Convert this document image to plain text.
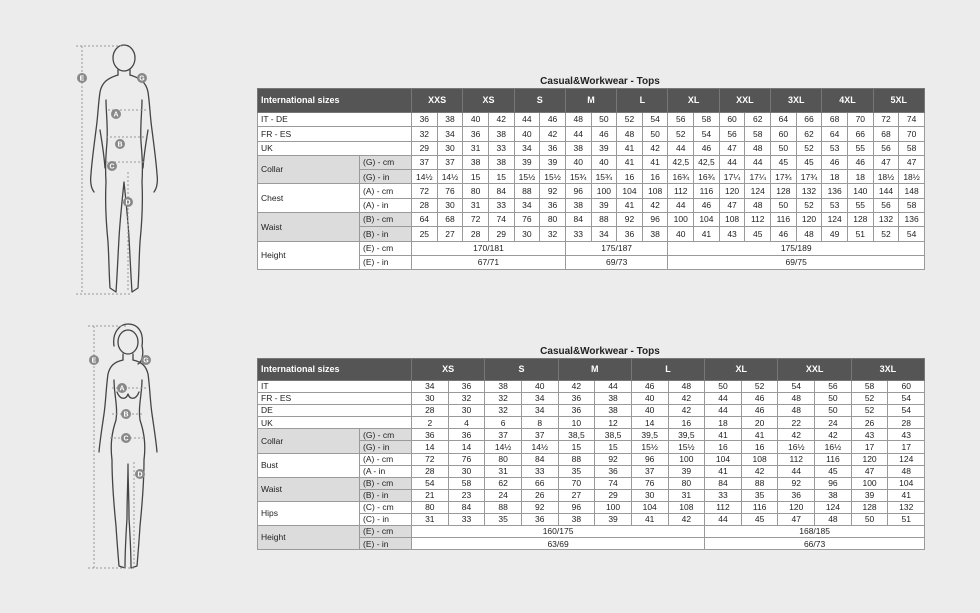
A
B
C
D
E	G
A
B
C
D
E	G
Casual&Workwear - Tops
Casual&Workwear - Tops
International sizes		XXS		XS		S		M		L		XL		XXL		3XL		4XL		5XL	
IT - DE		36	38	40	42	44	46	48	50	52	54	56	58	60	62	64	66	68	70	72	74
FR - ES		32	34	36	38	40	42	44	46	48	50	52	54	56	58	60	62	64	66	68	70
UK		29	30	31	33	34	36	38	39	41	42	44	46	47	48	50	52	53	55	56	58
Collar	(G) - cm	37	37	38	38	39	39	40	40	41	41	42,5	42,5	44	44	45	45	46	46	47	47
	(G) - in	14½	14½	15	15	15½	15½	15¾	15¾	16	16	16¾	16¾	17¼	17¼	17¾	17¾	18	18	18½	18½
Chest	(A) - cm	72	76	80	84	88	92	96	100	104	108	112	116	120	124	128	132	136	140	144	148
	(A) - in	28	30	31	33	34	36	38	39	41	42	44	46	47	48	50	52	53	55	56	58
Waist	(B) - cm	64	68	72	74	76	80	84	88	92	96	100	104	108	112	116	120	124	128	132	136
	(B) - in	25	27	28	29	30	32	33	34	36	38	40	41	43	45	46	48	49	51	52	54
Height	(E) - cm	170/181						175/187				175/189									
	(E) - in	67/71						69/73				69/75									
International sizes		XS		S		M		L		XL		XXL		3XL	
IT		34	36	38	40	42	44	46	48	50	52	54	56	58	60
FR - ES		30	32	32	34	36	38	40	42	44	46	48	50	52	54
DE		28	30	32	34	36	38	40	42	44	46	48	50	52	54
UK		2	4	6	8	10	12	14	16	18	20	22	24	26	28
Collar	(G) - cm	36	36	37	37	38,5	38,5	39,5	39,5	41	41	42	42	43	43
	(G) - in	14	14	14½	14½	15	15	15½	15½	16	16	16½	16½	17	17
Bust	(A) - cm	72	76	80	84	88	92	96	100	104	108	112	116	120	124
	(A - in	28	30	31	33	35	36	37	39	41	42	44	45	47	48
Waist	(B) - cm	54	58	62	66	70	74	76	80	84	88	92	96	100	104
	(B) - in	21	23	24	26	27	29	30	31	33	35	36	38	39	41
Hips	(C) - cm	80	84	88	92	96	100	104	108	112	116	120	124	128	132
	(C) - in	31	33	35	36	38	39	41	42	44	45	47	48	50	51
Height	(E) - cm	160/175								168/185					
	(E) - in	63/69								66/73					
